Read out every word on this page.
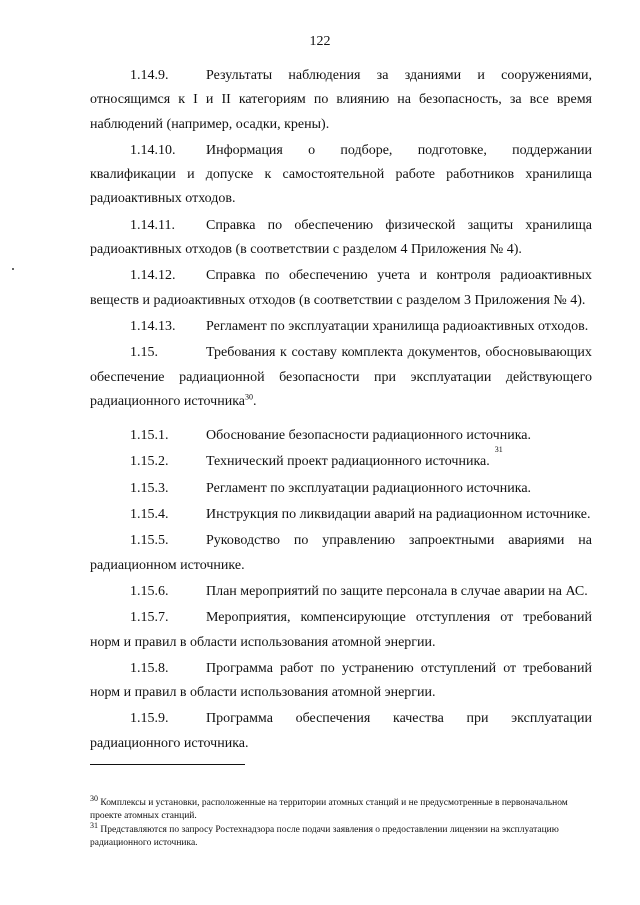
122
1.14.9.	Результаты наблюдения за зданиями и сооружениями,
относящимся к I и II категориям по влиянию на безопасность, за все время
наблюдений (например, осадки, крены).
1.14.10.	Информация о подборе, подготовке, поддержании
квалификации и допуске к самостоятельной работе работников хранилища
радиоактивных отходов.
1.14.11.	Справка по обеспечению физической защиты хранилища
радиоактивных отходов (в соответствии с разделом 4 Приложения № 4).
1.14.12.	Справка по обеспечению учета и контроля радиоактивных
веществ и радиоактивных отходов (в соответствии с разделом 3 Приложения № 4).
1.14.13.	Регламент по эксплуатации хранилища радиоактивных отходов.
1.15.	Требования к составу комплекта документов, обосновывающих
обеспечение радиационной безопасности при эксплуатации действующего
радиационного источника$^{30}$.
1.15.1.	Обоснование безопасности радиационного источника.
1.15.2.	Технический проект радиационного источника.
31
1.15.3.	Регламент по эксплуатации радиационного источника.
1.15.4.	Инструкция по ликвидации аварий на радиационном источнике.
1.15.5.	Руководство по управлению запроектными авариями на
радиационном источнике.
1.15.6.	План мероприятий по защите персонала в случае аварии на АС.
1.15.7.	Мероприятия, компенсирующие отступления от требований
норм и правил в области использования атомной энергии.
1.15.8.	Программа работ по устранению отступлений от требований
норм и правил в области использования атомной энергии.
1.15.9.	Программа обеспечения качества при эксплуатации
радиационного источника.

$^{30}$ Комплексы и установки, расположенные на территории атомных станций и не предусмотренные в первоначальном проекте атомных станций.

$^{31}$ Представляются по запросу Ростехнадзора после подачи заявления о предоставлении лицензии на эксплуатацию радиационного источника.
